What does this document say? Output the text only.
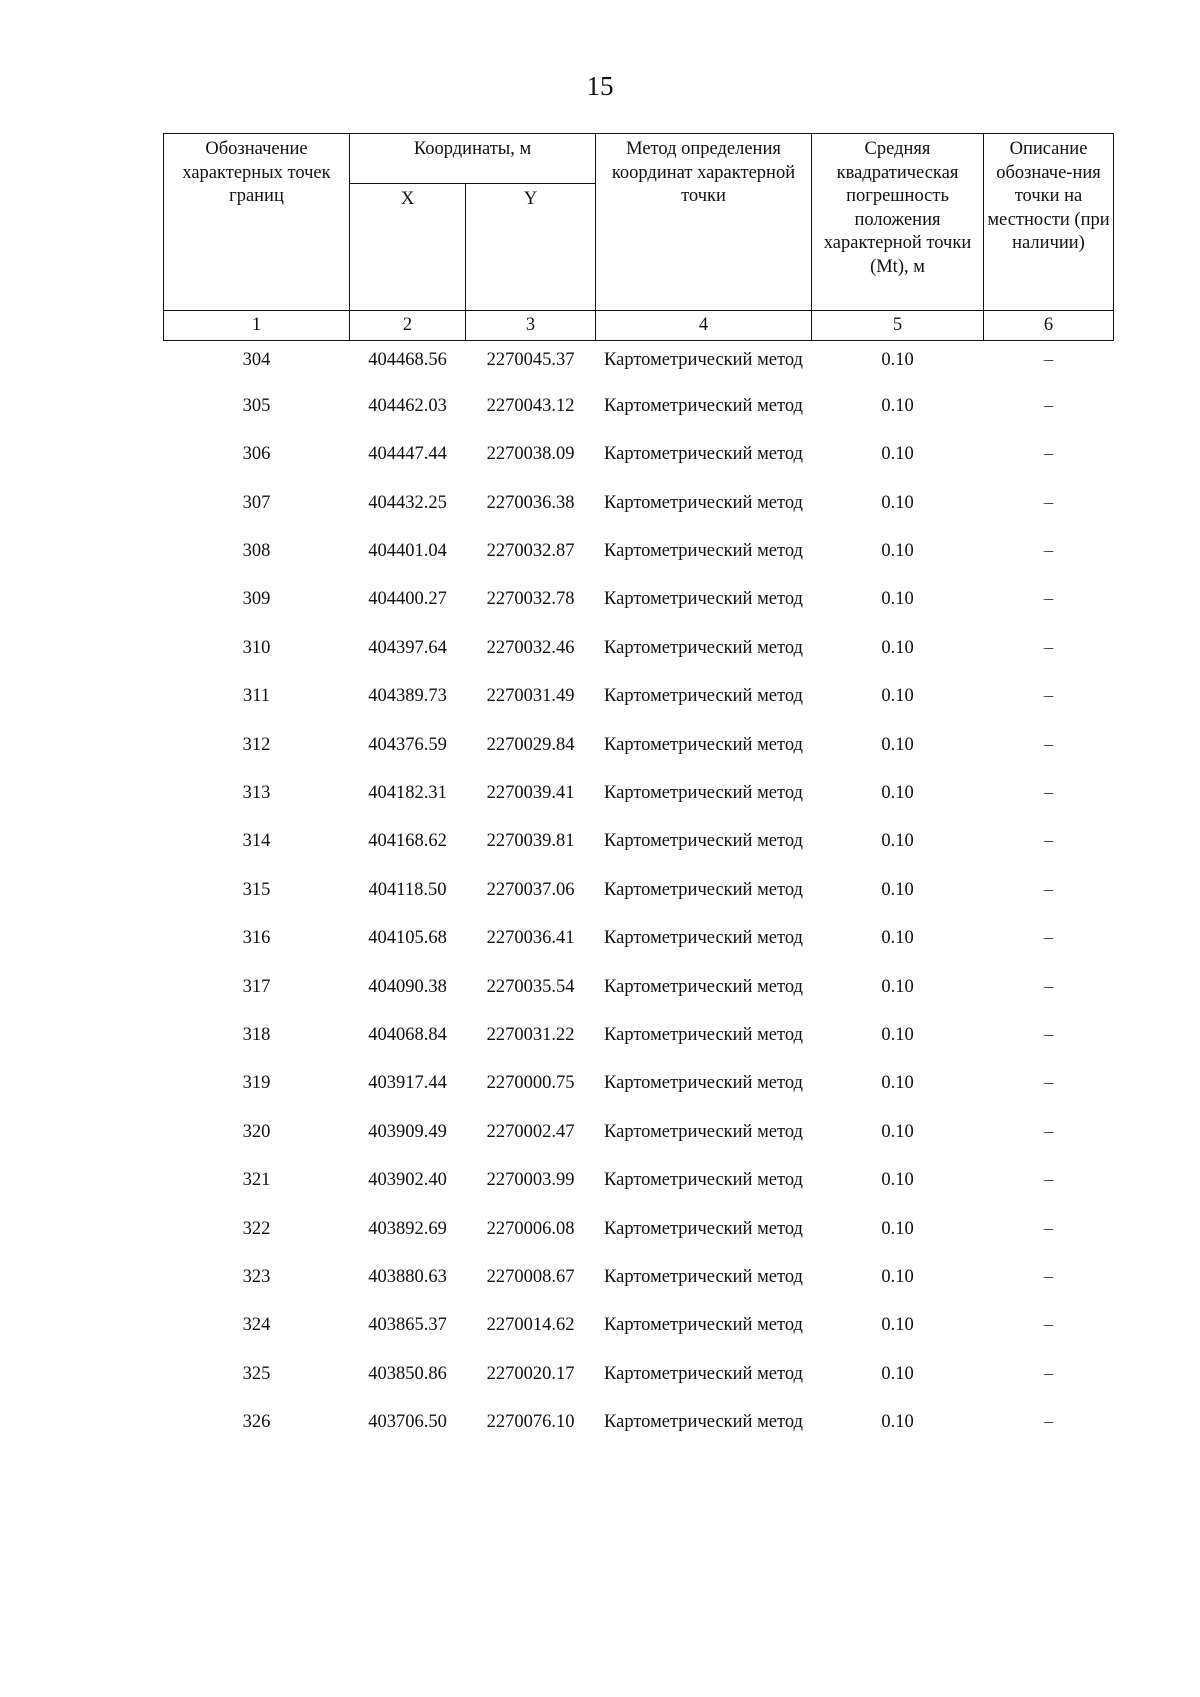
15
Обозначение характерных точек границ	Координаты, м		Метод определения координат характерной точки	Средняя квадратическая погрешность положения характерной точки (Mt), м	Описание обозначе-ния точки на местности (при наличии)
	X	Y			
1	2	3	4	5	6
304	404468.56	2270045.37	Картометрический метод	0.10	–
305	404462.03	2270043.12	Картометрический метод	0.10	–
306	404447.44	2270038.09	Картометрический метод	0.10	–
307	404432.25	2270036.38	Картометрический метод	0.10	–
308	404401.04	2270032.87	Картометрический метод	0.10	–
309	404400.27	2270032.78	Картометрический метод	0.10	–
310	404397.64	2270032.46	Картометрический метод	0.10	–
311	404389.73	2270031.49	Картометрический метод	0.10	–
312	404376.59	2270029.84	Картометрический метод	0.10	–
313	404182.31	2270039.41	Картометрический метод	0.10	–
314	404168.62	2270039.81	Картометрический метод	0.10	–
315	404118.50	2270037.06	Картометрический метод	0.10	–
316	404105.68	2270036.41	Картометрический метод	0.10	–
317	404090.38	2270035.54	Картометрический метод	0.10	–
318	404068.84	2270031.22	Картометрический метод	0.10	–
319	403917.44	2270000.75	Картометрический метод	0.10	–
320	403909.49	2270002.47	Картометрический метод	0.10	–
321	403902.40	2270003.99	Картометрический метод	0.10	–
322	403892.69	2270006.08	Картометрический метод	0.10	–
323	403880.63	2270008.67	Картометрический метод	0.10	–
324	403865.37	2270014.62	Картометрический метод	0.10	–
325	403850.86	2270020.17	Картометрический метод	0.10	–
326	403706.50	2270076.10	Картометрический метод	0.10	–
